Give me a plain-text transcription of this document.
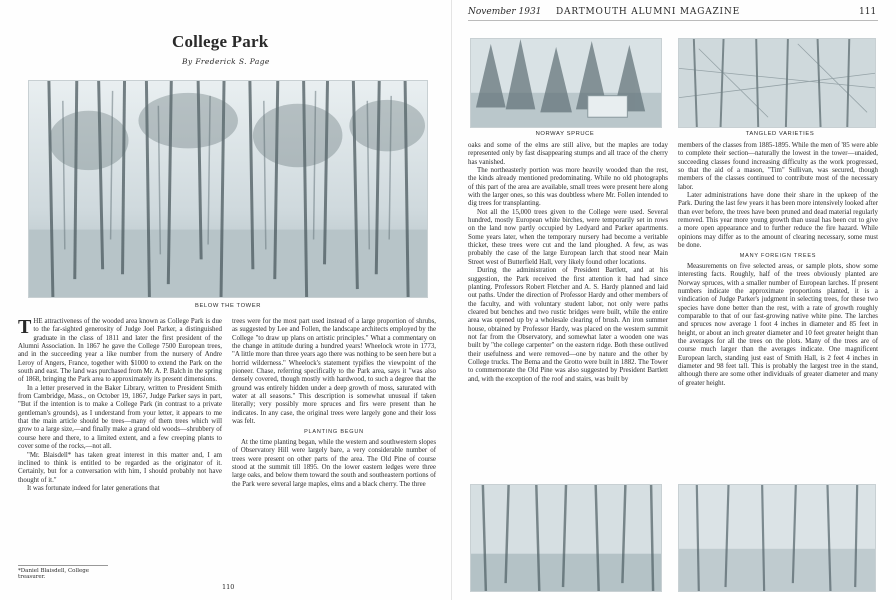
College Park
By Frederick S. Page
BELOW THE TOWER

THE attractiveness of the wooded area known as College Park is due to the far-sighted generosity of Judge Joel Parker, a distinguished graduate in the class of 1811 and later the first president of the Alumni Association. In 1867 he gave the College 7500 European trees, and in the succeeding year a like number from the nursery of Andre Leroy of Angers, France, together with $1000 to extend the Park on the south and east. The land was purchased from Mr. A. P. Balch in the spring of 1868, bringing the Park area to approximately its present dimensions.

In a letter preserved in the Baker Library, written to President Smith from Cambridge, Mass., on October 19, 1867, Judge Parker says in part, "But if the intention is to make a College Park (in contrast to a private gentleman's grounds), as I understand from your letter, it appears to me that the main article should be trees—many of them trees which will grow to a large size,—and finally make a grand old woods—shrubbery of course here and there, to a limited extent, and a few creeping plants to cover some of the rocks,—not all.

"Mr. Blaisdell* has taken great interest in this matter and, I am inclined to think is entitled to be regarded as the originator of it. Certainly, but for a conversation with him, I should probably not have thought of it."

It was fortunate indeed for later generations that

trees were for the most part used instead of a large proportion of shrubs, as suggested by Lee and Follen, the landscape architects employed by the College "to draw up plans on artistic principles." What a commentary on the change in attitude during a hundred years! Wheelock wrote in 1773, "A little more than three years ago there was nothing to be seen here but a horrid wilderness." Wheelock's statement typifies the viewpoint of the pioneer. Chase, referring specifically to the Park area, says it "was also densely covered, though mostly with hardwood, to such a degree that the ground was entirely hidden under a deep growth of moss, saturated with water at all seasons." This description is somewhat unusual if taken literally; very possibly more spruces and firs were present than he indicates. In any case, the original trees were largely gone and their loss was felt.

PLANTING BEGUN

At the time planting began, while the western and southwestern slopes of Observatory Hill were largely bare, a very considerable number of trees were present on other parts of the area. The Old Pine of course stood at the summit till 1895. On the lower eastern ledges were three large oaks, and below them toward the south and southeastern portions of the Park were several large maples, elms and a black cherry. The three

*Daniel Blaisdell, College treasurer.
110
November 1931 DARTMOUTH ALUMNI MAGAZINE	111
NORWAY SPRUCE	TANGLED VARIETIES

oaks and some of the elms are still alive, but the maples are today represented only by fast disappearing stumps and all trace of the cherry has vanished.

The northeasterly portion was more heavily wooded than the rest, the kinds already mentioned predominating. While no old photographs of this part of the area are available, small trees were present here along with the larger ones, so this was doubtless where Mr. Follen intended to dig trees for transplanting.

Not all the 15,000 trees given to the College were used. Several hundred, mostly European white birches, were temporarily set in rows on the land now partly occupied by Ledyard and Parker apartments. Some years later, when the temporary nursery had become a veritable thicket, these trees were cut and the land ploughed. A few, as was probably the case of the large European larch that stood near Main Street west of Butterfield Hall, very likely found other locations.

During the administration of President Bartlett, and at his suggestion, the Park received the first attention it had had since planting. Professors Robert Fletcher and A. S. Hardy planned and laid out paths. Under the direction of Professor Hardy and other members of the faculty, and with voluntary student labor, not only were paths cleared but benches and two rustic bridges were built, while the entire area was opened up by a wholesale clearing of brush. An iron summer house, obtained by Professor Hardy, was placed on the western summit not far from the Observatory, and somewhat later a wooden one was built by "the college carpenter" on the eastern ridge. Both these outlived their usefulness and were removed—one by nature and the other by College trucks. The Bema and the Grotto were built in 1882. The Tower to commemorate the Old Pine was also suggested by President Bartlett and, with the exception of the roof and stairs, was built by

members of the classes from 1885-1895. While the men of '85 were able to complete their section—naturally the lowest in the tower—unaided, succeeding classes found increasing difficulty as the work progressed, so that the aid of a mason, "Tim" Sullivan, was secured, though members of the classes continued to contribute most of the necessary labor.

Later administrations have done their share in the upkeep of the Park. During the last few years it has been more intensively looked after than ever before, the trees have been pruned and dead material regularly removed. This year more young growth than usual has been cut to give a more open appearance and to further reduce the fire hazard. While opinions may differ as to the amount of clearing necessary, some must be done.

MANY FOREIGN TREES

Measurements on five selected areas, or sample plots, show some interesting facts. Roughly, half of the trees obviously planted are Norway spruces, with a smaller number of European larches. If present numbers indicate the approximate proportions planted, it is a vindication of Judge Parker's judgment in selecting trees, for these two species have done better than the rest, with a rate of growth roughly comparable to that of our fast-growing native white pine. The larches and spruces now average 1 foot 4 inches in diameter and 85 feet in height, or about an inch greater diameter and 10 feet greater height than the averages for all the trees on the plots. Many of the trees are of course much larger than the averages indicate. One magnificent European larch, standing just east of Smith Hall, is 2 feet 4 inches in diameter and 98 feet tall. This is probably the largest tree in the stand, although there are some other individuals of greater diameter and many of greater height.
